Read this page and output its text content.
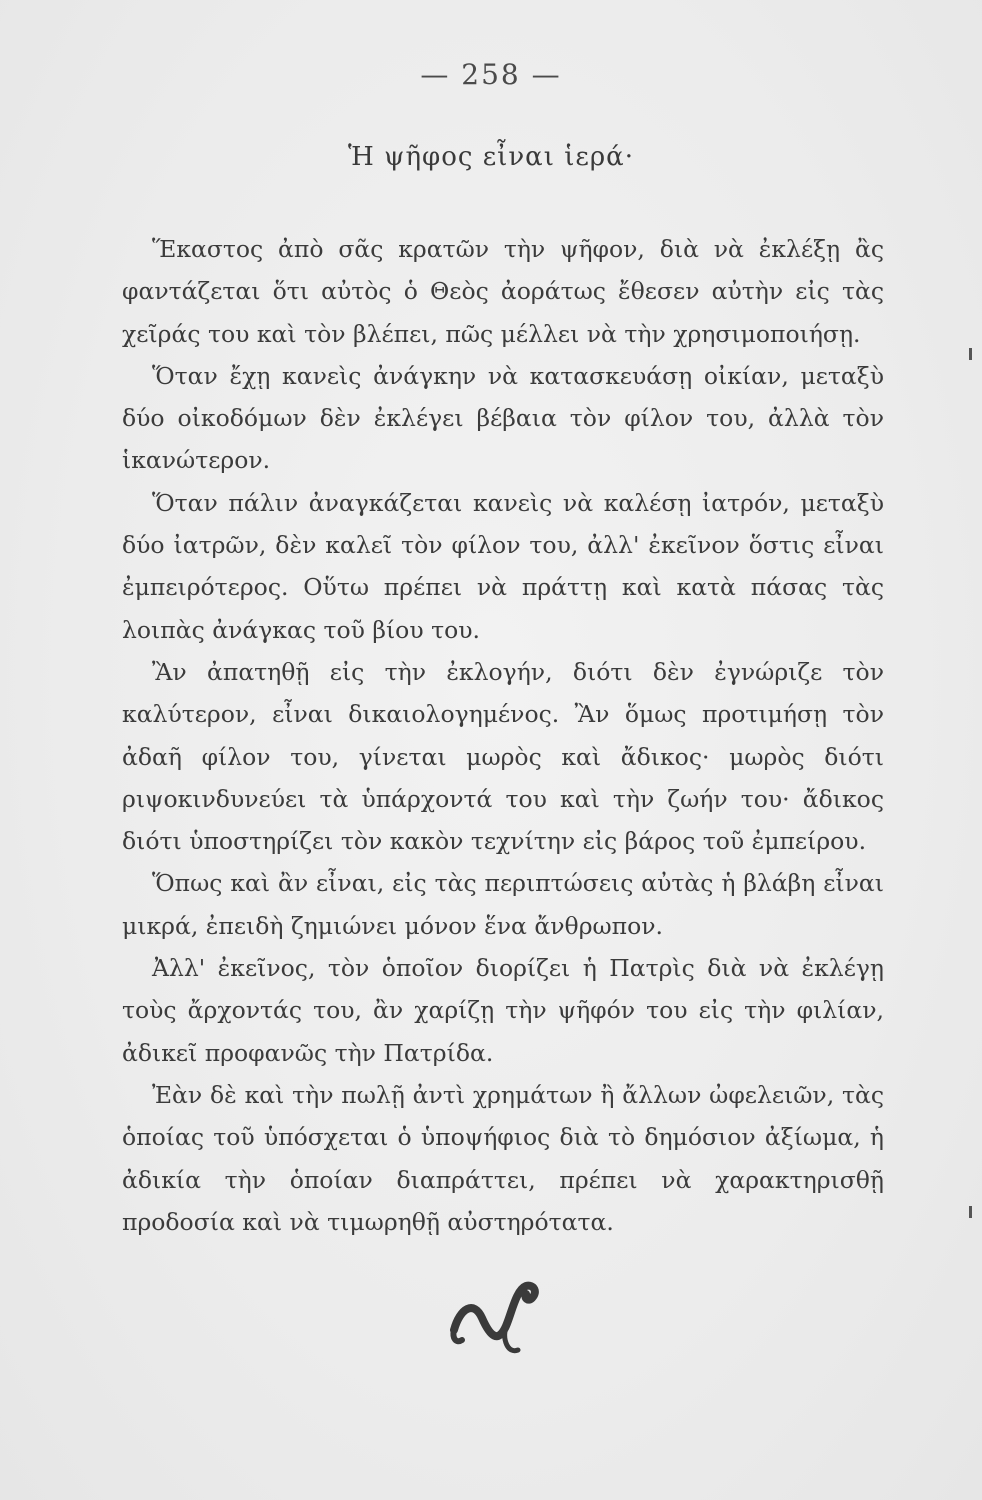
— 258 —
Ἡ ψῆφος εἶναι ἱερά·

Ἕκαστος ἀπὸ σᾶς κρατῶν τὴν ψῆφον, διὰ νὰ ἐκλέξῃ ἂς φαντάζεται ὅτι αὐτὸς ὁ Θεὸς ἀοράτως ἔθεσεν αὐτὴν εἰς τὰς χεῖράς του καὶ τὸν βλέπει, πῶς μέλλει νὰ τὴν χρησιμοποιήσῃ.

Ὅταν ἔχῃ κανεὶς ἀνάγκην νὰ κατασκευάσῃ οἰκίαν, μεταξὺ δύο οἰκοδόμων δὲν ἐκλέγει βέβαια τὸν φίλον του, ἀλλὰ τὸν ἱκανώτερον.

Ὅταν πάλιν ἀναγκάζεται κανεὶς νὰ καλέσῃ ἰατρόν, μεταξὺ δύο ἰατρῶν, δὲν καλεῖ τὸν φίλον του, ἀλλ' ἐκεῖνον ὅστις εἶναι ἐμπειρότερος. Οὕτω πρέπει νὰ πράττῃ καὶ κατὰ πάσας τὰς λοιπὰς ἀνάγκας τοῦ βίου του.

Ἂν ἀπατηθῇ εἰς τὴν ἐκλογήν, διότι δὲν ἐγνώριζε τὸν καλύτερον, εἶναι δικαιολογημένος. Ἂν ὅμως προτιμήσῃ τὸν ἀδαῆ φίλον του, γίνεται μωρὸς καὶ ἄδικος· μωρὸς διότι ριψοκινδυνεύει τὰ ὑπάρχοντά του καὶ τὴν ζωήν του· ἄδικος διότι ὑποστηρίζει τὸν κακὸν τεχνίτην εἰς βάρος τοῦ ἐμπείρου.

Ὅπως καὶ ἂν εἶναι, εἰς τὰς περιπτώσεις αὐτὰς ἡ βλάβη εἶναι μικρά, ἐπειδὴ ζημιώνει μόνον ἕνα ἄνθρωπον.

Ἀλλ' ἐκεῖνος, τὸν ὁποῖον διορίζει ἡ Πατρὶς διὰ νὰ ἐκλέγῃ τοὺς ἄρχοντάς του, ἂν χαρίζῃ τὴν ψῆφόν του εἰς τὴν φιλίαν, ἀδικεῖ προφανῶς τὴν Πατρίδα.

Ἐὰν δὲ καὶ τὴν πωλῇ ἀντὶ χρημάτων ἢ ἄλλων ὠφελειῶν, τὰς ὁποίας τοῦ ὑπόσχεται ὁ ὑποψήφιος διὰ τὸ δημόσιον ἀξίωμα, ἡ ἀδικία τὴν ὁποίαν διαπράττει, πρέπει νὰ χαρακτηρισθῇ προδοσία καὶ νὰ τιμωρηθῇ αὐστηρότατα.
